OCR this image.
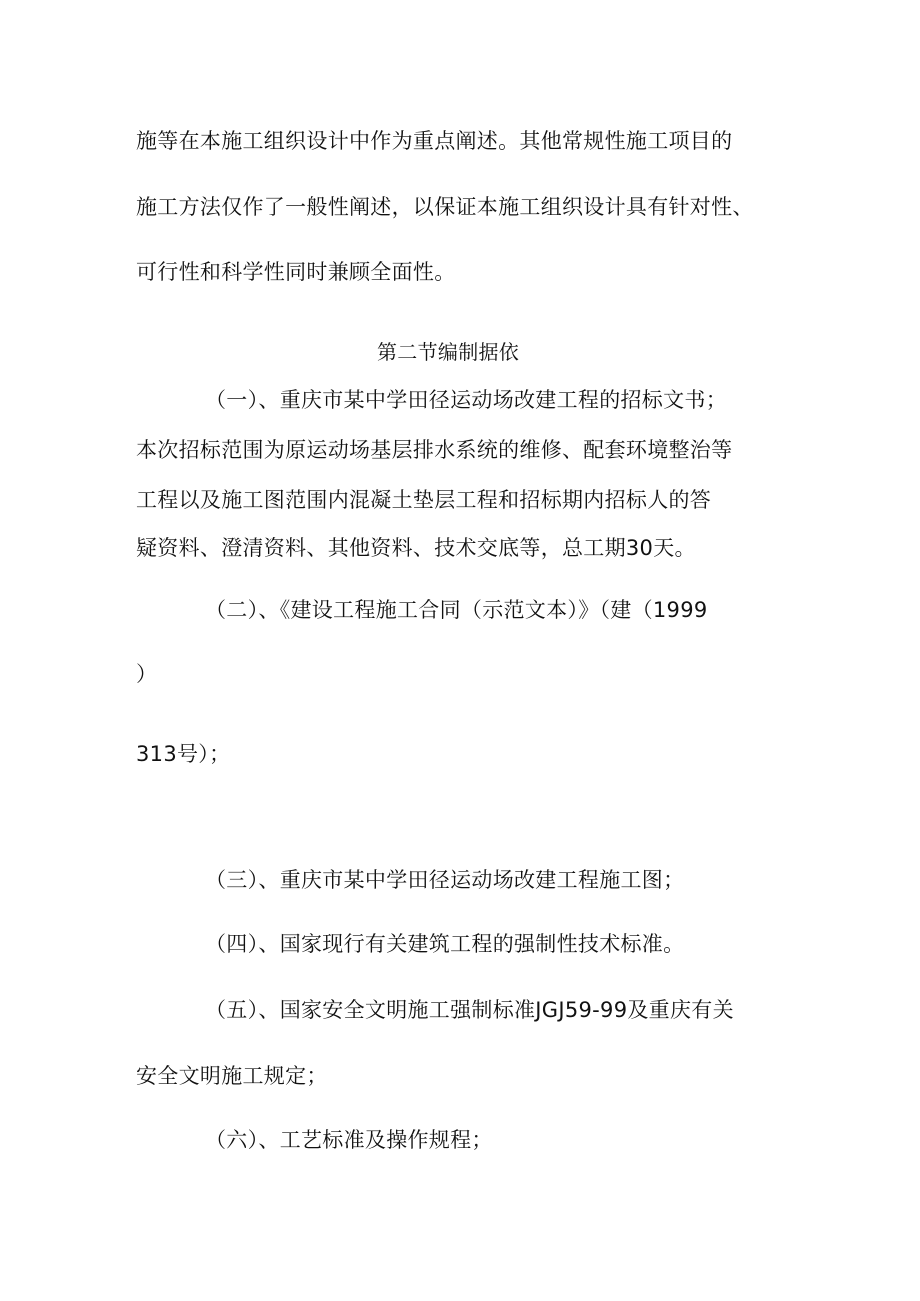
施等在本施工组织设计中作为重点阐述。其他常规性施工项目的
施工方法仅作了一般性阐述，以保证本施工组织设计具有针对性、
可行性和科学性同时兼顾全面性。
第二节编制据依
（一）、重庆市某中学田径运动场改建工程的招标文书；
本次招标范围为原运动场基层排水系统的维修、配套环境整治等
工程以及施工图范围内混凝土垫层工程和招标期内招标人的答
疑资料、澄清资料、其他资料、技术交底等，总工期30天。
（二）、《建设工程施工合同（示范文本）》（建（1999
）
313号）；
（三）、重庆市某中学田径运动场改建工程施工图；
（四）、国家现行有关建筑工程的强制性技术标准。
（五）、国家安全文明施工强制标准JGJ59-99及重庆有关
安全文明施工规定；
（六）、工艺标准及操作规程；
